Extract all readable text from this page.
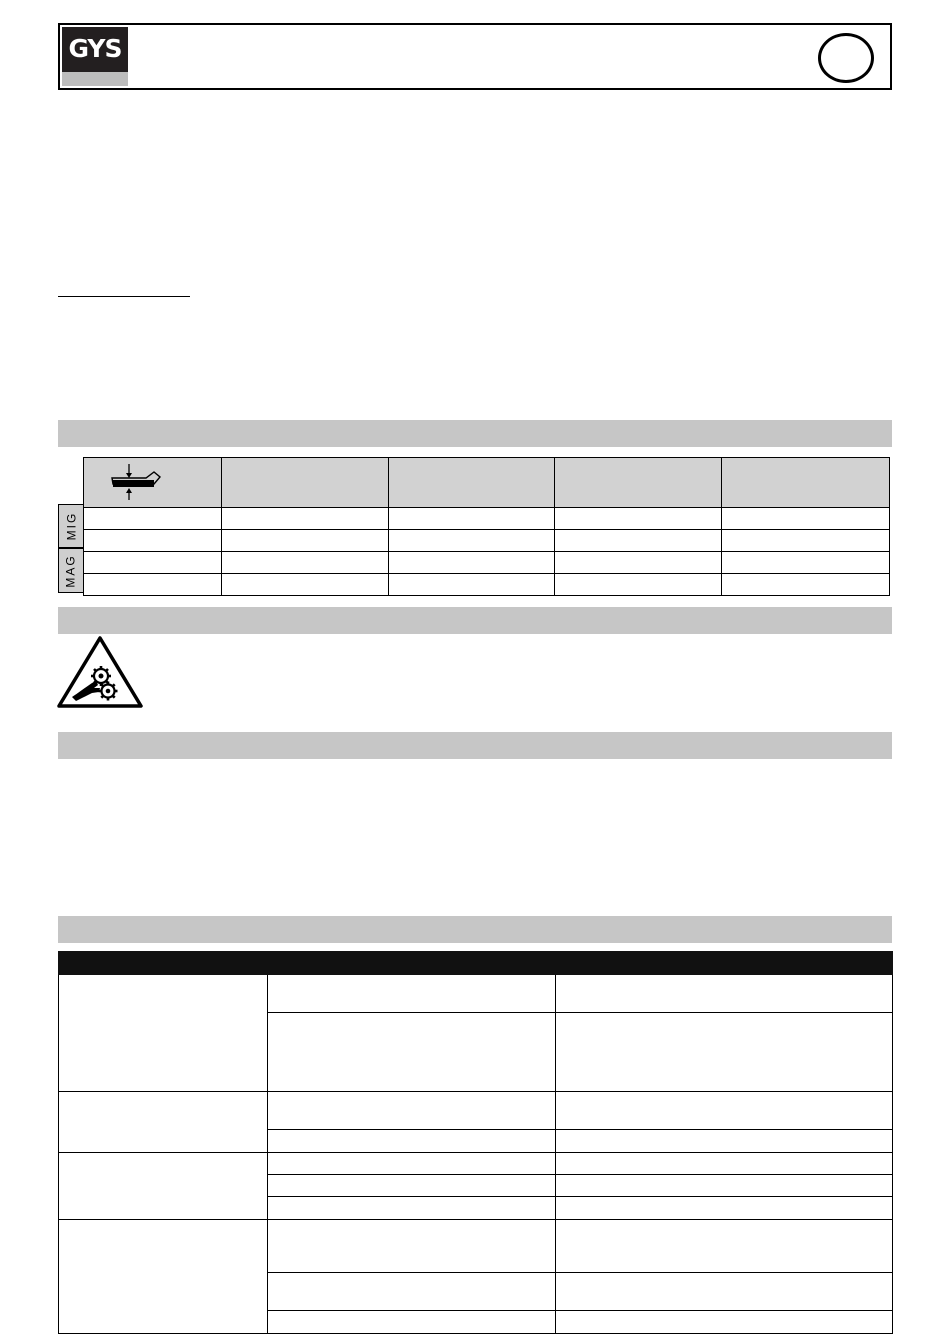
GYS

MIG
MAG
